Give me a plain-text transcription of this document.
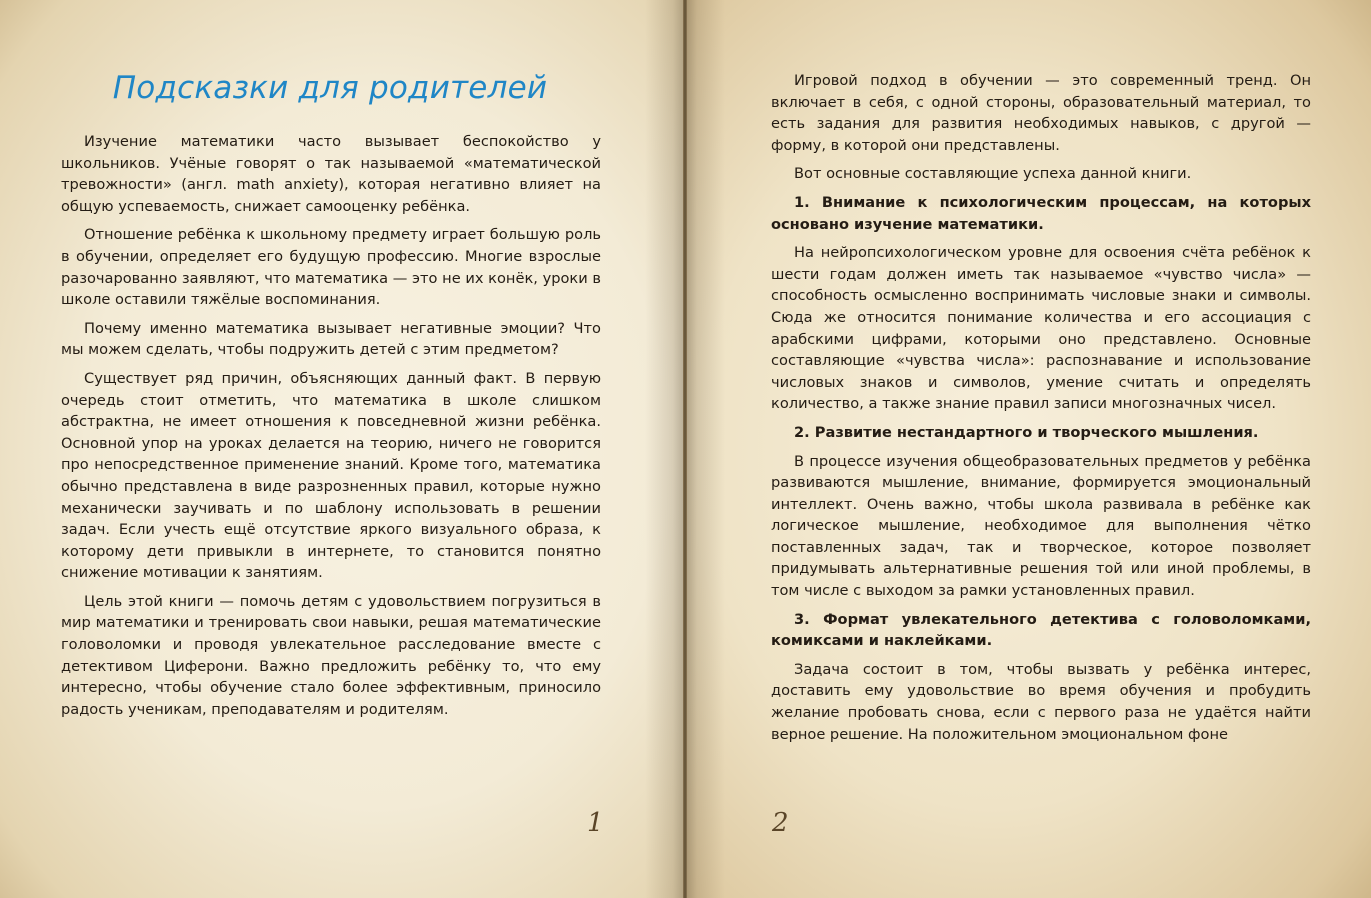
Подсказки для родителей

Изучение математики часто вызывает беспокойство у школьников. Учёные говорят о так называемой «математической тревожности» (англ. math anxiety), которая негативно влияет на общую успеваемость, снижает самооценку ребёнка.

Отношение ребёнка к школьному предмету играет большую роль в обучении, определяет его будущую профессию. Многие взрослые разочарованно заявляют, что математика — это не их конёк, уроки в школе оставили тяжёлые воспоминания.

Почему именно математика вызывает негативные эмоции? Что мы можем сделать, чтобы подружить детей с этим предметом?

Существует ряд причин, объясняющих данный факт. В первую очередь стоит отметить, что математика в школе слишком абстрактна, не имеет отношения к повседневной жизни ребёнка. Основной упор на уроках делается на теорию, ничего не говорится про непосредственное применение знаний. Кроме того, математика обычно представлена в виде разрозненных правил, которые нужно механически заучивать и по шаблону использовать в решении задач. Если учесть ещё отсутствие яркого визуального образа, к которому дети привыкли в интернете, то становится понятно снижение мотивации к занятиям.

Цель этой книги — помочь детям с удовольствием погрузиться в мир математики и тренировать свои навыки, решая математические головоломки и проводя увлекательное расследование вместе с детективом Циферони. Важно предложить ребёнку то, что ему интересно, чтобы обучение стало более эффективным, приносило радость ученикам, преподавателям и родителям.

1	2

Игровой подход в обучении — это современный тренд. Он включает в себя, с одной стороны, образовательный материал, то есть задания для развития необходимых навыков, с другой — форму, в которой они представлены.

Вот основные составляющие успеха данной книги.

1. Внимание к психологическим процессам, на которых основано изучение математики.

На нейропсихологическом уровне для освоения счёта ребёнок к шести годам должен иметь так называемое «чувство числа» — способность осмысленно воспринимать числовые знаки и символы. Сюда же относится понимание количества и его ассоциация с арабскими цифрами, которыми оно представлено. Основные составляющие «чувства числа»: распознавание и использование числовых знаков и символов, умение считать и определять количество, а также знание правил записи многозначных чисел.

2. Развитие нестандартного и творческого мышления.

В процессе изучения общеобразовательных предметов у ребёнка развиваются мышление, внимание, формируется эмоциональный интеллект. Очень важно, чтобы школа развивала в ребёнке как логическое мышление, необходимое для выполнения чётко поставленных задач, так и творческое, которое позволяет придумывать альтернативные решения той или иной проблемы, в том числе с выходом за рамки установленных правил.

3. Формат увлекательного детектива с головоломками, комиксами и наклейками.

Задача состоит в том, чтобы вызвать у ребёнка интерес, доставить ему удовольствие во время обучения и пробудить желание пробовать снова, если с первого раза не удаётся найти верное решение. На положительном эмоциональном фоне
